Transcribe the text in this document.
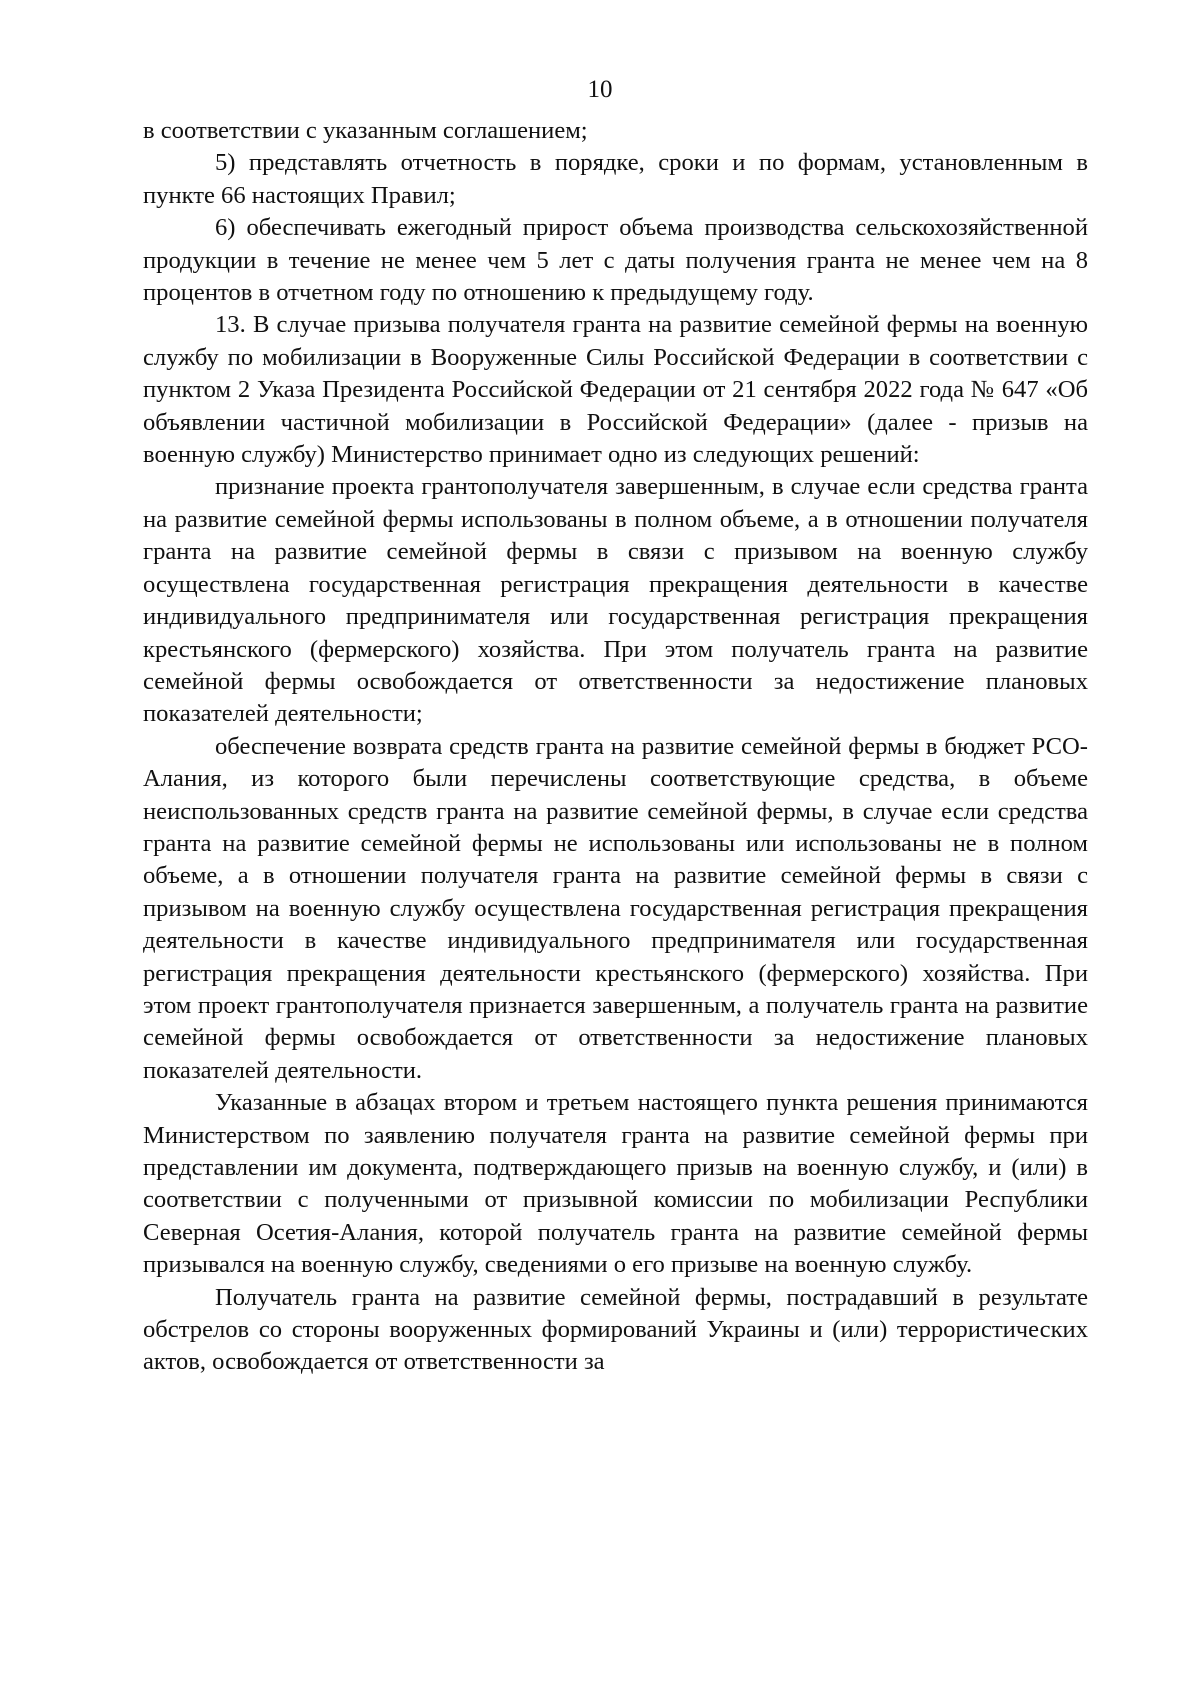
10

в соответствии с указанным соглашением;

5) представлять отчетность в порядке, сроки и по формам, установленным в пункте 66 настоящих Правил;

6) обеспечивать ежегодный прирост объема производства сельскохозяйственной продукции в течение не менее чем 5 лет с даты получения гранта не менее чем на 8 процентов в отчетном году по отношению к предыдущему году.

13. В случае призыва получателя гранта на развитие семейной фермы на военную службу по мобилизации в Вооруженные Силы Российской Федерации в соответствии с пунктом 2 Указа Президента Российской Федерации от 21 сентября 2022 года № 647 «Об объявлении частичной мобилизации в Российской Федерации» (далее - призыв на военную службу) Министерство принимает одно из следующих решений:

признание проекта грантополучателя завершенным, в случае если средства гранта на развитие семейной фермы использованы в полном объеме, а в отношении получателя гранта на развитие семейной фермы в связи с призывом на военную службу осуществлена государственная регистрация прекращения деятельности в качестве индивидуального предпринимателя или государственная регистрация прекращения крестьянского (фермерского) хозяйства. При этом получатель гранта на развитие семейной фермы освобождается от ответственности за недостижение плановых показателей деятельности;

обеспечение возврата средств гранта на развитие семейной фермы в бюджет РСО-Алания, из которого были перечислены соответствующие средства, в объеме неиспользованных средств гранта на развитие семейной фермы, в случае если средства гранта на развитие семейной фермы не использованы или использованы не в полном объеме, а в отношении получателя гранта на развитие семейной фермы в связи с призывом на военную службу осуществлена государственная регистрация прекращения деятельности в качестве индивидуального предпринимателя или государственная регистрация прекращения деятельности крестьянского (фермерского) хозяйства. При этом проект грантополучателя признается завершенным, а получатель гранта на развитие семейной фермы освобождается от ответственности за недостижение плановых показателей деятельности.

Указанные в абзацах втором и третьем настоящего пункта решения принимаются Министерством по заявлению получателя гранта на развитие семейной фермы при представлении им документа, подтверждающего призыв на военную службу, и (или) в соответствии с полученными от призывной комиссии по мобилизации Республики Северная Осетия-Алания, которой получатель гранта на развитие семейной фермы призывался на военную службу, сведениями о его призыве на военную службу.

Получатель гранта на развитие семейной фермы, пострадавший в результате обстрелов со стороны вооруженных формирований Украины и (или) террористических актов, освобождается от ответственности за
